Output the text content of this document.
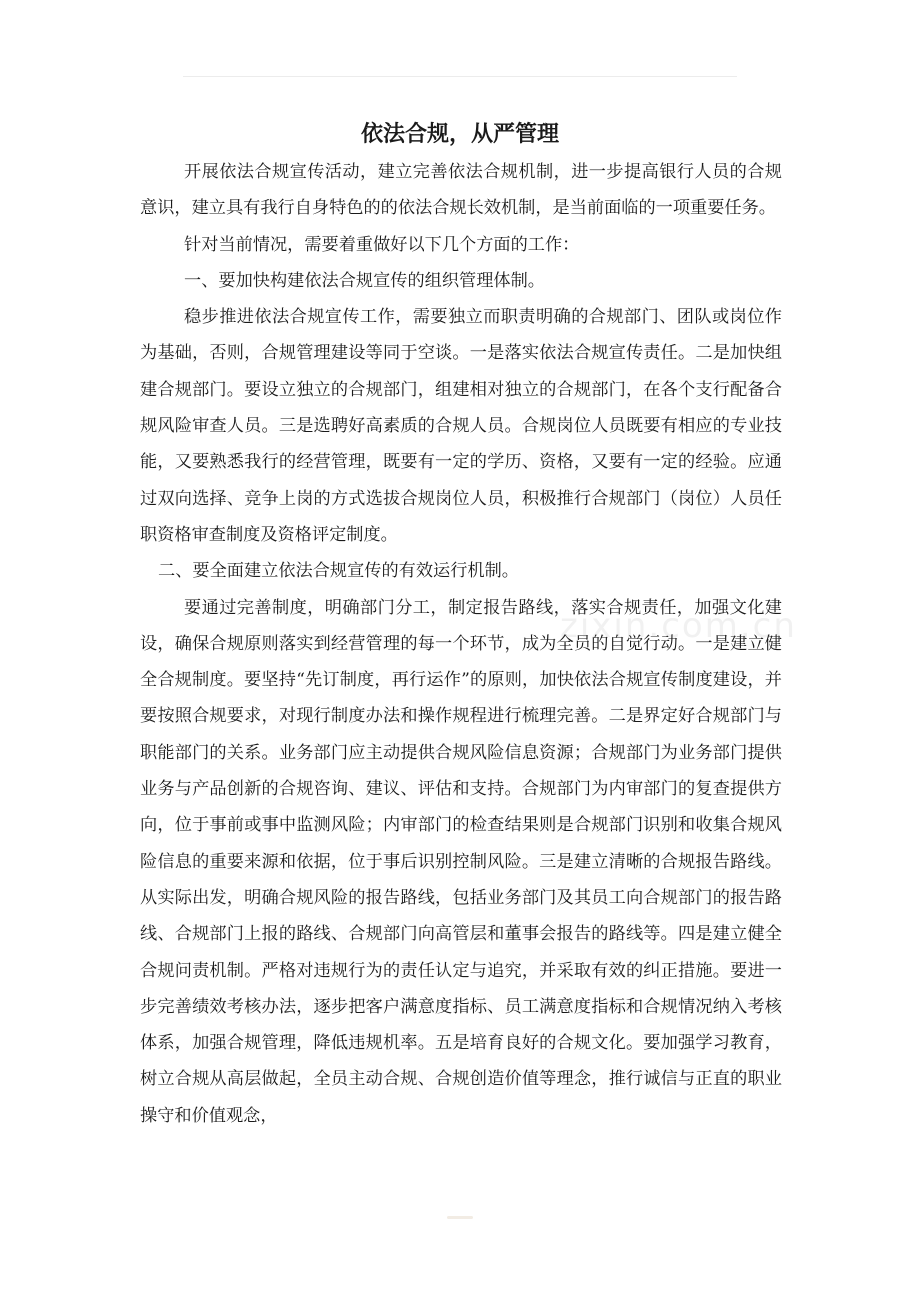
依法合规，从严管理

开展依法合规宣传活动，建立完善依法合规机制，进一步提高银行人员的合规意识，建立具有我行自身特色的的依法合规长效机制，是当前面临的一项重要任务。

针对当前情况，需要着重做好以下几个方面的工作：

一、要加快构建依法合规宣传的组织管理体制。

稳步推进依法合规宣传工作，需要独立而职责明确的合规部门、团队或岗位作为基础，否则，合规管理建设等同于空谈。一是落实依法合规宣传责任。二是加快组建合规部门。要设立独立的合规部门，组建相对独立的合规部门，在各个支行配备合规风险审查人员。三是选聘好高素质的合规人员。合规岗位人员既要有相应的专业技能，又要熟悉我行的经营管理，既要有一定的学历、资格，又要有一定的经验。应通过双向选择、竞争上岗的方式选拔合规岗位人员，积极推行合规部门（岗位）人员任职资格审查制度及资格评定制度。

二、要全面建立依法合规宣传的有效运行机制。

要通过完善制度，明确部门分工，制定报告路线，落实合规责任，加强文化建设，确保合规原则落实到经营管理的每一个环节，成为全员的自觉行动。一是建立健全合规制度。要坚持“先订制度，再行运作”的原则，加快依法合规宣传制度建设，并要按照合规要求，对现行制度办法和操作规程进行梳理完善。二是界定好合规部门与职能部门的关系。业务部门应主动提供合规风险信息资源；合规部门为业务部门提供业务与产品创新的合规咨询、建议、评估和支持。合规部门为内审部门的复查提供方向，位于事前或事中监测风险；内审部门的检查结果则是合规部门识别和收集合规风险信息的重要来源和依据，位于事后识别控制风险。三是建立清晰的合规报告路线。从实际出发，明确合规风险的报告路线，包括业务部门及其员工向合规部门的报告路线、合规部门上报的路线、合规部门向高管层和董事会报告的路线等。四是建立健全合规问责机制。严格对违规行为的责任认定与追究，并采取有效的纠正措施。要进一步完善绩效考核办法，逐步把客户满意度指标、员工满意度指标和合规情况纳入考核体系，加强合规管理，降低违规机率。五是培育良好的合规文化。要加强学习教育，树立合规从高层做起，全员主动合规、合规创造价值等理念，推行诚信与正直的职业操守和价值观念，

zixin.com.cn
